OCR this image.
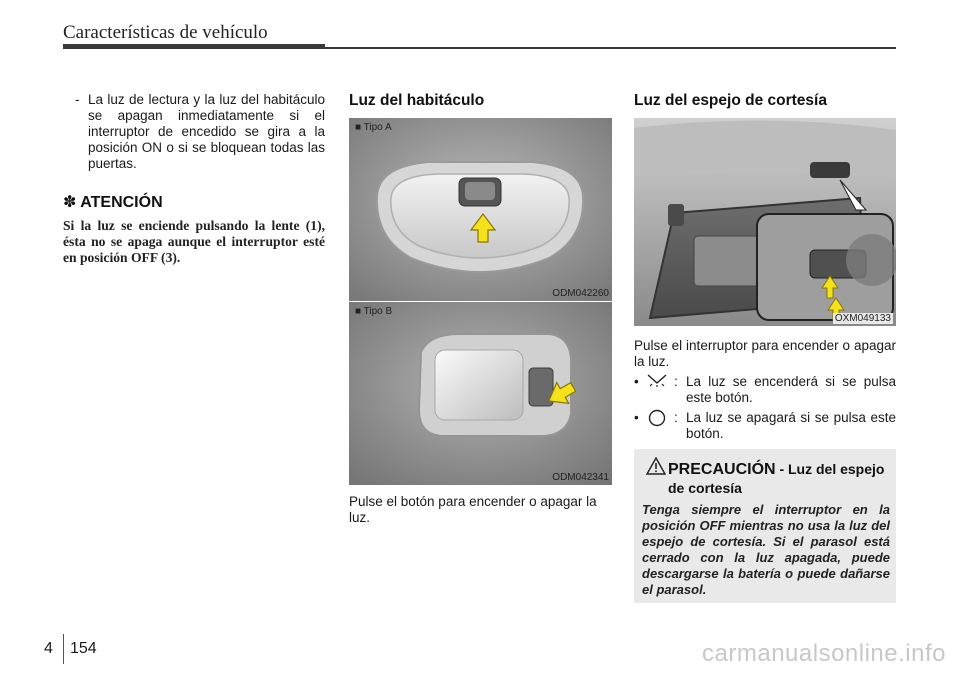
Características de vehículo
- La luz de lectura y la luz del habitáculo se apagan inmediatamente si el interruptor de encedido se gira a la posición ON o si se bloquean todas las puertas.
✽ ATENCIÓN
Si la luz se enciende pulsando la lente (1), ésta no se apaga aunque el interruptor esté en posición OFF (3).
Luz del habitáculo
■ Tipo A
ODM042260
■ Tipo B
ODM042341
Pulse el botón para encender o apagar la luz.
Luz del espejo de cortesía
OXM049133
Pulse el interruptor para encender o apagar la luz.
•	: La luz se encenderá si se pulsa este botón.
•	: La luz se apagará si se pulsa este botón.
PRECAUCIÓN - Luz del espejo de cortesía
Tenga siempre el interruptor en la posición OFF mientras no usa la luz del espejo de cortesía. Si el parasol está cerrado con la luz apagada, puede descargarse la batería o puede dañarse el parasol.
4 154	carmanualsonline.info
